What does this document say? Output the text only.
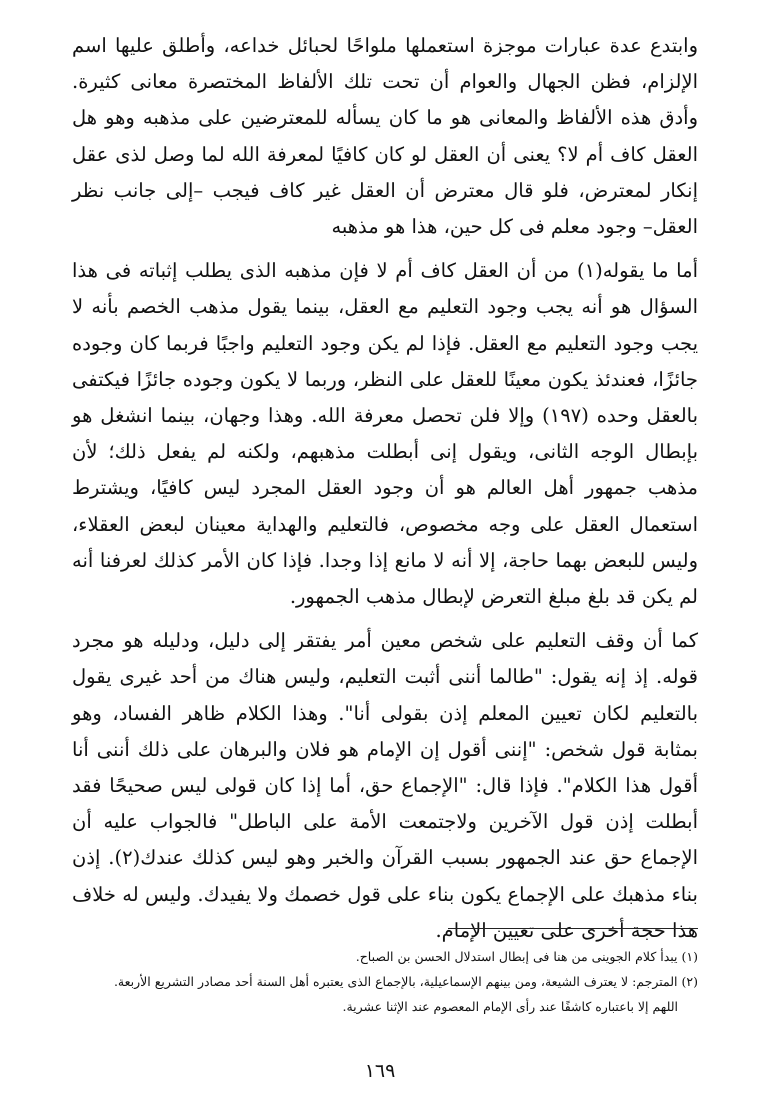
وابتدع عدة عبارات موجزة استعملها ملواحًا لحبائل خداعه، وأطلق عليها اسم الإلزام، فظن الجهال والعوام أن تحت تلك الألفاظ المختصرة معانى كثيرة. وأدق هذه الألفاظ والمعانى هو ما كان يسأله للمعترضين على مذهبه وهو هل العقل كاف أم لا؟ يعنى أن العقل لو كان كافيًا لمعرفة الله لما وصل لذى عقل إنكار لمعترض، فلو قال معترض أن العقل غير كاف فيجب –إلى جانب نظر العقل– وجود معلم فى كل حين، هذا هو مذهبه

أما ما يقوله(١) من أن العقل كاف أم لا فإن مذهبه الذى يطلب إثباته فى هذا السؤال هو أنه يجب وجود التعليم مع العقل، بينما يقول مذهب الخصم بأنه لا يجب وجود التعليم مع العقل. فإذا لم يكن وجود التعليم واجبًا فربما كان وجوده جائزًا، فعندئذ يكون معينًا للعقل على النظر، وربما لا يكون وجوده جائزًا فيكتفى بالعقل وحده (١٩٧) وإلا فلن تحصل معرفة الله. وهذا وجهان، بينما انشغل هو بإبطال الوجه الثانى، ويقول إنى أبطلت مذهبهم، ولكنه لم يفعل ذلك؛ لأن مذهب جمهور أهل العالم هو أن وجود العقل المجرد ليس كافيًا، ويشترط استعمال العقل على وجه مخصوص، فالتعليم والهداية معينان لبعض العقلاء، وليس للبعض بهما حاجة، إلا أنه لا مانع إذا وجدا. فإذا كان الأمر كذلك لعرفنا أنه لم يكن قد بلغ مبلغ التعرض لإبطال مذهب الجمهور.

كما أن وقف التعليم على شخص معين أمر يفتقر إلى دليل، ودليله هو مجرد قوله. إذ إنه يقول: "طالما أننى أثبت التعليم، وليس هناك من أحد غيرى يقول بالتعليم لكان تعيين المعلم إذن بقولى أنا". وهذا الكلام ظاهر الفساد، وهو بمثابة قول شخص: "إننى أقول إن الإمام هو فلان والبرهان على ذلك أننى أنا أقول هذا الكلام". فإذا قال: "الإجماع حق، أما إذا كان قولى ليس صحيحًا فقد أبطلت إذن قول الآخرين ولاجتمعت الأمة على الباطل" فالجواب عليه أن الإجماع حق عند الجمهور بسبب القرآن والخبر وهو ليس كذلك عندك(٢). إذن بناء مذهبك على الإجماع يكون بناء على قول خصمك ولا يفيدك. وليس له خلاف هذا حجة أخرى على تعيين الإمام.

(١) يبدأ كلام الجوينى من هنا فى إبطال استدلال الحسن بن الصباح.

(٢) المترجم: لا يعترف الشيعة، ومن بينهم الإسماعيلية، بالإجماع الذى يعتبره أهل السنة أحد مصادر التشريع الأربعة.

اللهم إلا باعتباره كاشفًا عند رأى الإمام المعصوم عند الإثنا عشرية.

١٦٩
